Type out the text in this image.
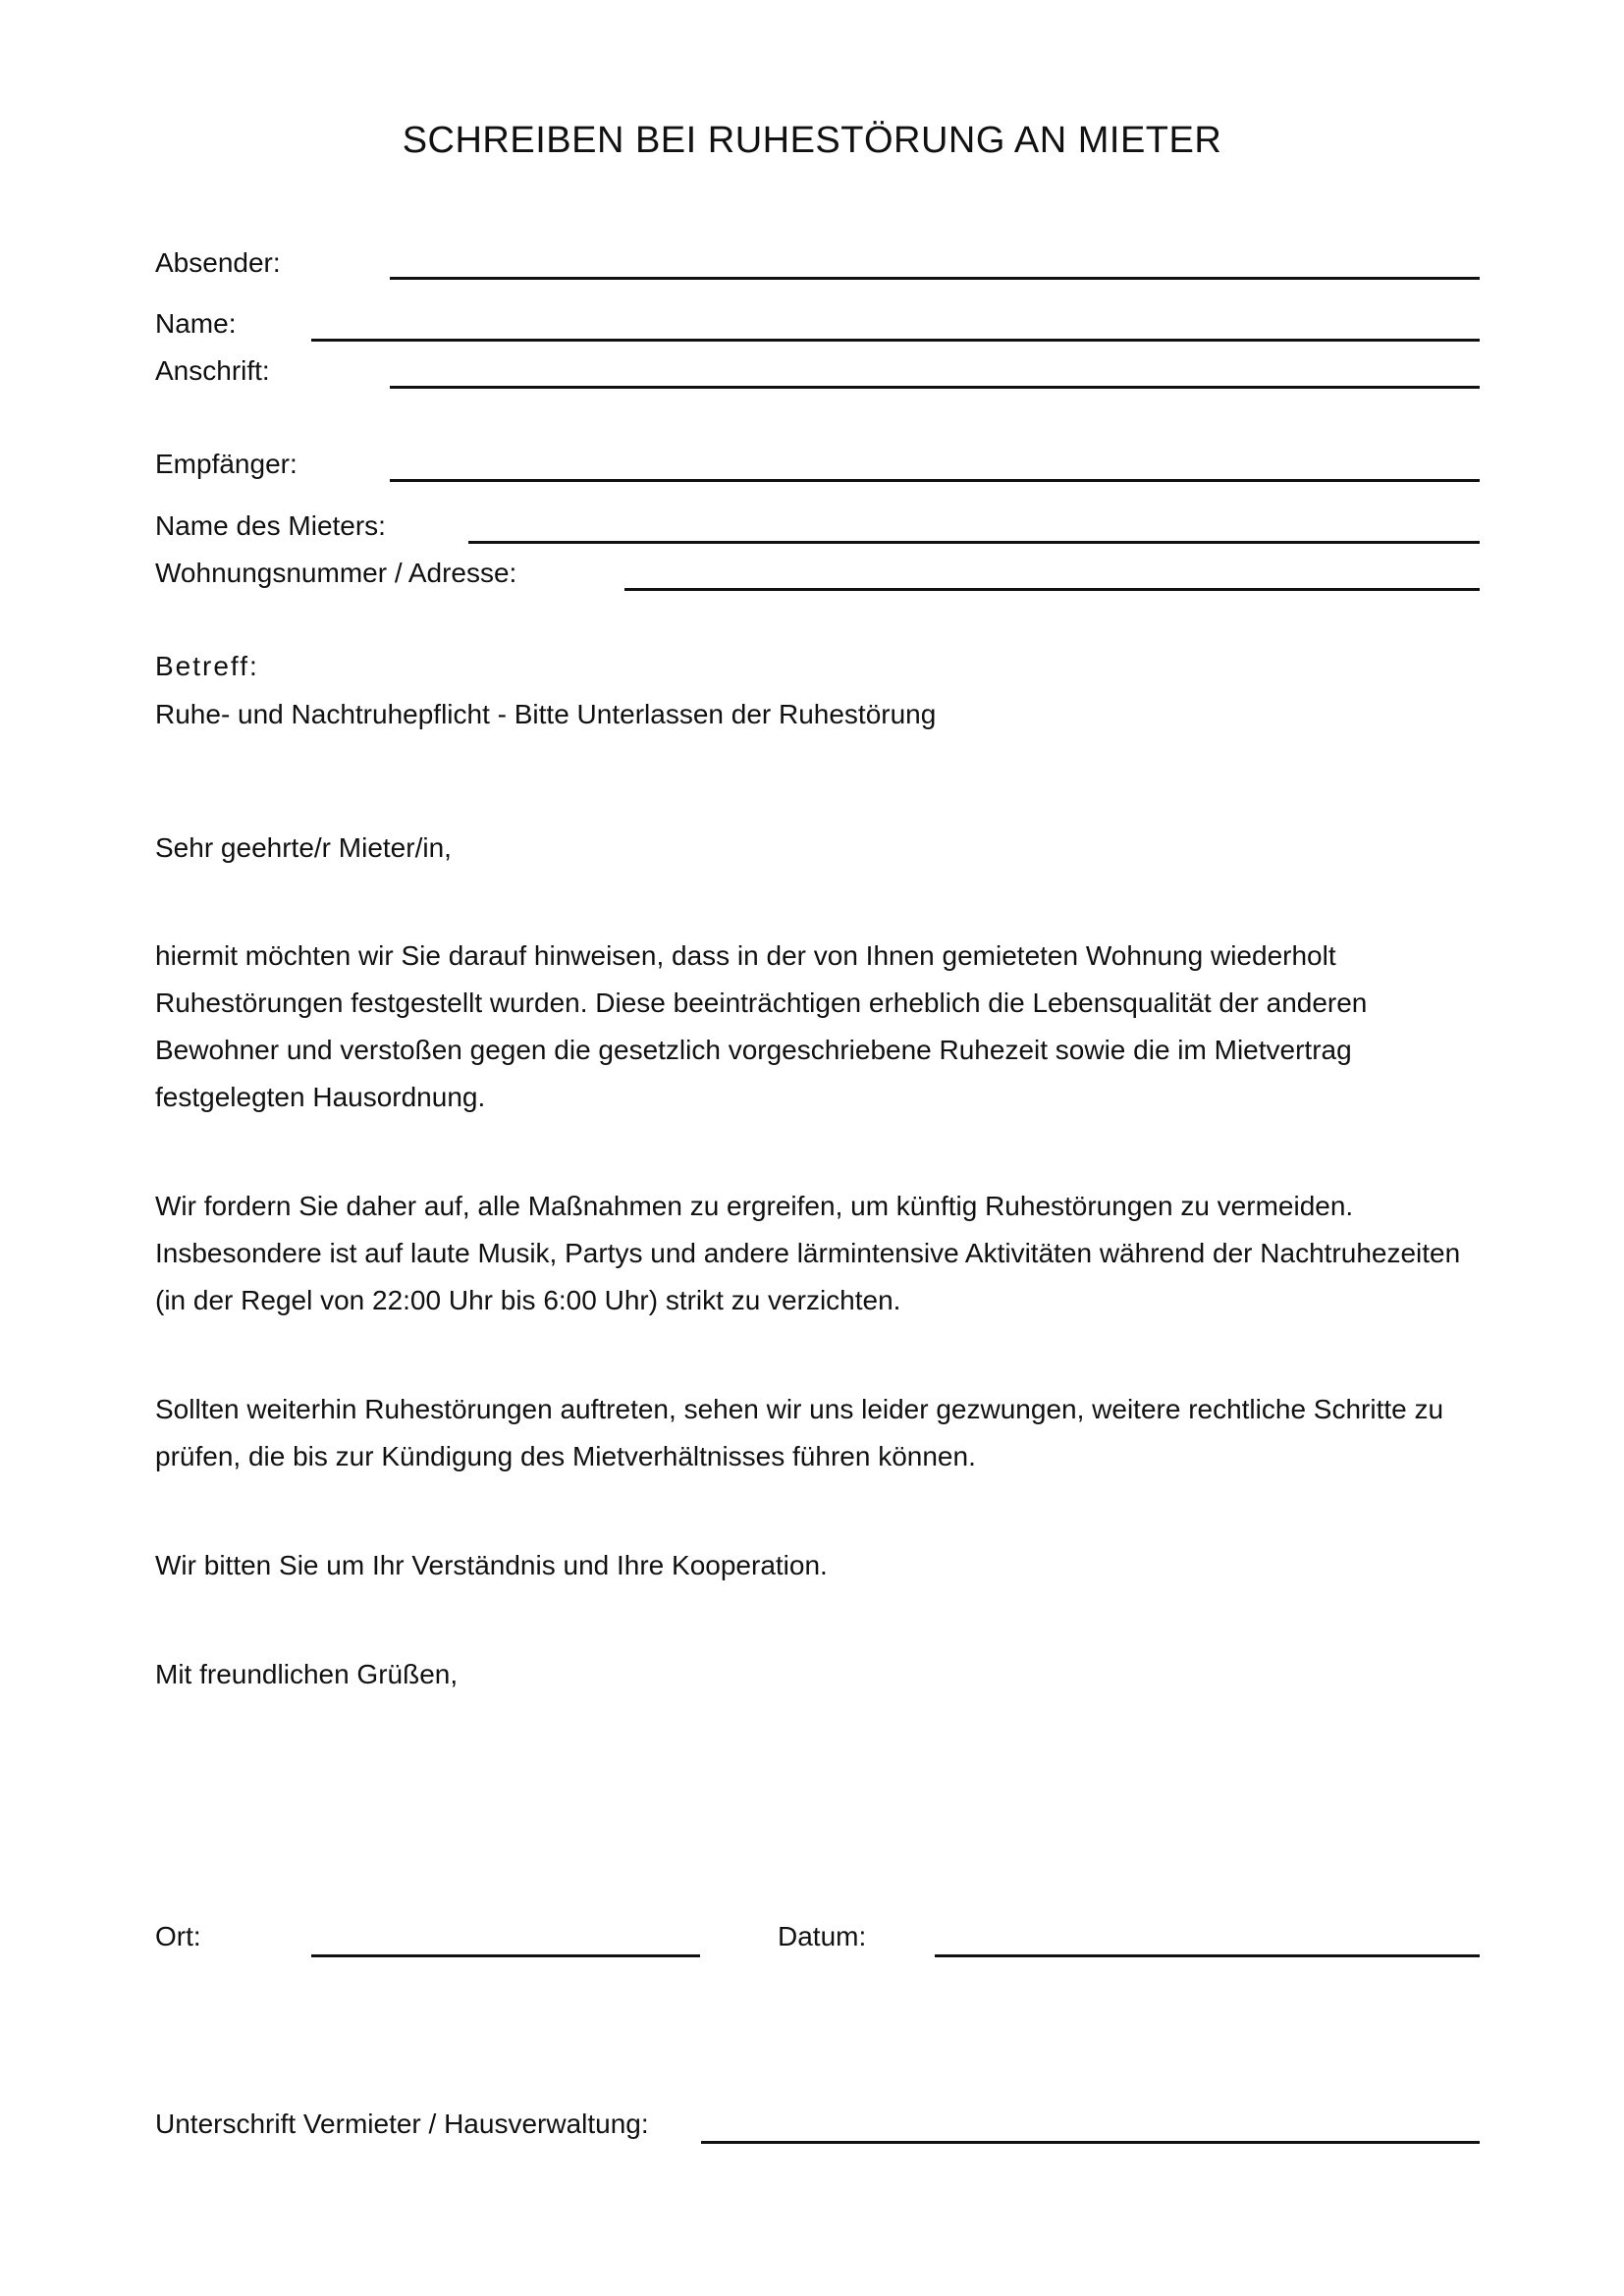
SCHREIBEN BEI RUHESTÖRUNG AN MIETER
Absender:
Name:
Anschrift:
Empfänger:
Name des Mieters:
Wohnungsnummer / Adresse:
Betreff:
Ruhe- und Nachtruhepflicht - Bitte Unterlassen der Ruhestörung
Sehr geehrte/r Mieter/in,

hiermit möchten wir Sie darauf hinweisen, dass in der von Ihnen gemieteten Wohnung wiederholt Ruhestörungen festgestellt wurden. Diese beeinträchtigen erheblich die Lebensqualität der anderen Bewohner und verstoßen gegen die gesetzlich vorgeschriebene Ruhezeit sowie die im Mietvertrag festgelegten Hausordnung.

Wir fordern Sie daher auf, alle Maßnahmen zu ergreifen, um künftig Ruhestörungen zu vermeiden. Insbesondere ist auf laute Musik, Partys und andere lärmintensive Aktivitäten während der Nachtruhezeiten (in der Regel von 22:00 Uhr bis 6:00 Uhr) strikt zu verzichten.

Sollten weiterhin Ruhestörungen auftreten, sehen wir uns leider gezwungen, weitere rechtliche Schritte zu prüfen, die bis zur Kündigung des Mietverhältnisses führen können.

Wir bitten Sie um Ihr Verständnis und Ihre Kooperation.

Mit freundlichen Grüßen,
Ort:	Datum:
Unterschrift Vermieter / Hausverwaltung:
